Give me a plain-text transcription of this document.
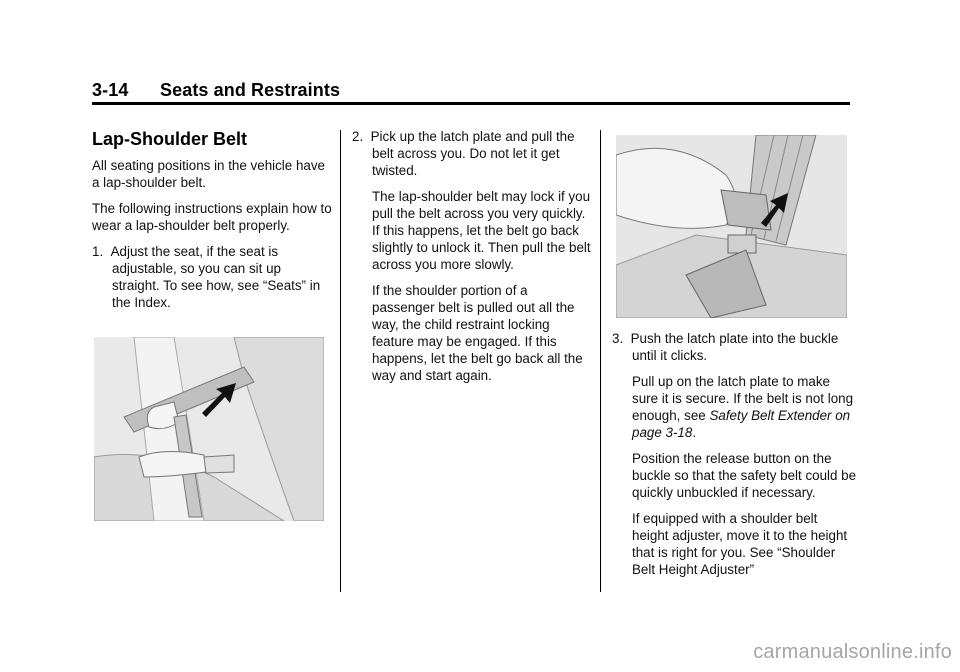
3-14 Seats and Restraints
Lap-Shoulder Belt

All seating positions in the vehicle have a lap-shoulder belt.

The following instructions explain how to wear a lap-shoulder belt properly.

1.  Adjust the seat, if the seat is adjustable, so you can sit up straight. To see how, see “Seats” in the Index.

2.  Pick up the latch plate and pull the belt across you. Do not let it get twisted.

The lap-shoulder belt may lock if you pull the belt across you very quickly. If this happens, let the belt go back slightly to unlock it. Then pull the belt across you more slowly.

If the shoulder portion of a passenger belt is pulled out all the way, the child restraint locking feature may be engaged. If this happens, let the belt go back all the way and start again.

3.  Push the latch plate into the buckle until it clicks.

Pull up on the latch plate to make sure it is secure. If the belt is not long enough, see Safety Belt Extender on page 3-18.

Position the release button on the buckle so that the safety belt could be quickly unbuckled if necessary.

If equipped with a shoulder belt height adjuster, move it to the height that is right for you. See “Shoulder Belt Height Adjuster”

carmanualsonline.info
